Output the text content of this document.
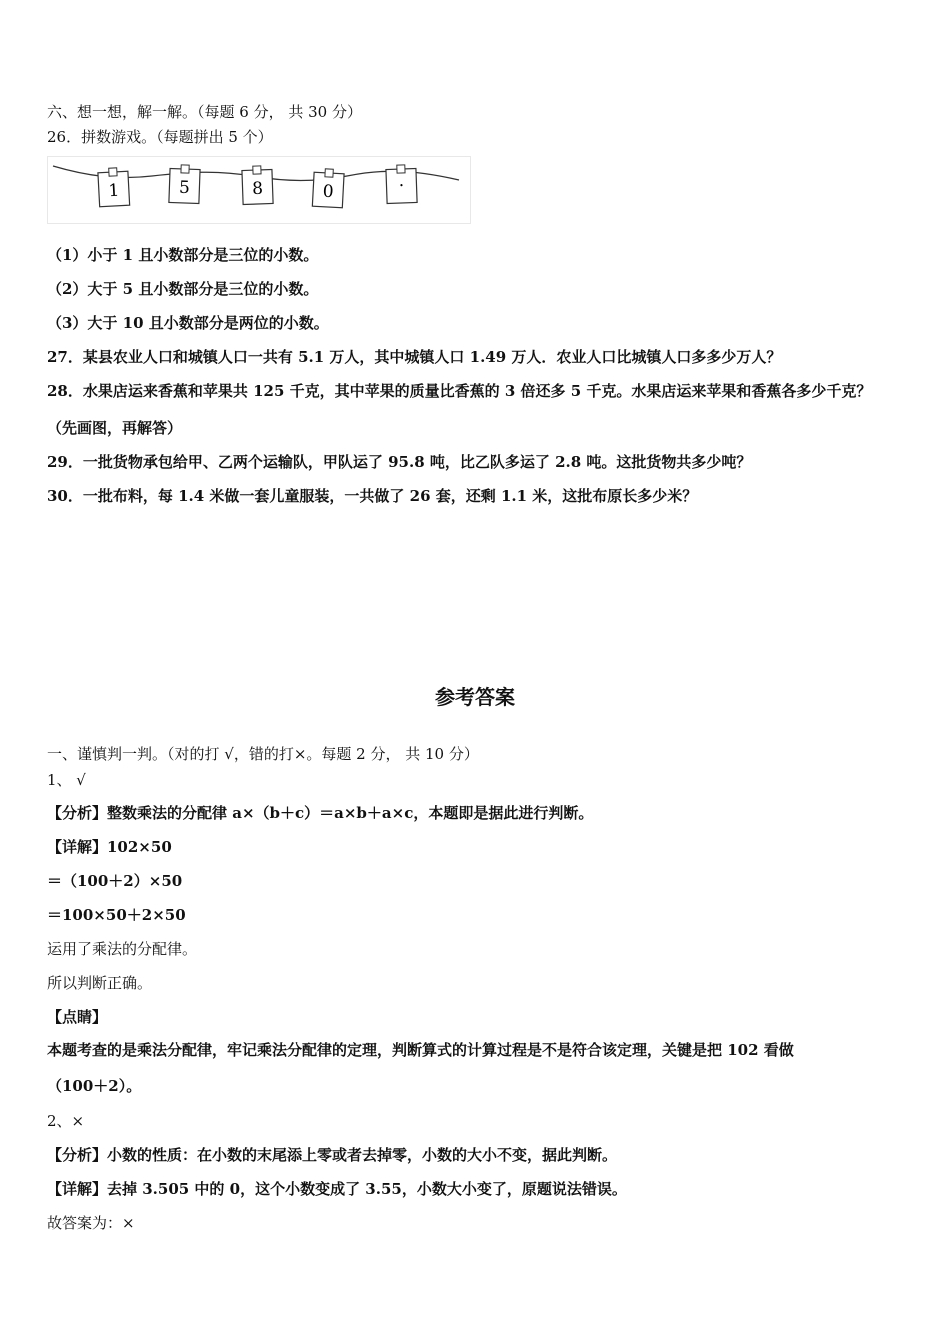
六、想一想，解一解。（每题 6 分， 共 30 分）
26．拼数游戏。（每题拼出 5 个）
1	5	8	0	·
（1）小于 1 且小数部分是三位的小数。
（2）大于 5 且小数部分是三位的小数。
（3）大于 10 且小数部分是两位的小数。
27．某县农业人口和城镇人口一共有 5.1 万人，其中城镇人口 1.49 万人．农业人口比城镇人口多多少万人？
28．水果店运来香蕉和苹果共 125 千克，其中苹果的质量比香蕉的 3 倍还多 5 千克。水果店运来苹果和香蕉各多少千克？
（先画图，再解答）
29．一批货物承包给甲、乙两个运输队，甲队运了 95.8 吨，比乙队多运了 2.8 吨。这批货物共多少吨？
30．一批布料，每 1.4 米做一套儿童服装，一共做了 26 套，还剩 1.1 米，这批布原长多少米？
参考答案
一、谨慎判一判。（对的打 √，错的打×。每题 2 分， 共 10 分）
1、 √
【分析】整数乘法的分配律 a×（b＋c）＝a×b＋a×c，本题即是据此进行判断。
【详解】102×50
＝（100＋2）×50
＝100×50＋2×50
运用了乘法的分配律。
所以判断正确。
【点睛】
本题考查的是乘法分配律，牢记乘法分配律的定理，判断算式的计算过程是不是符合该定理，关键是把 102 看做
（100＋2）。
2、×
【分析】小数的性质：在小数的末尾添上零或者去掉零，小数的大小不变，据此判断。
【详解】去掉 3.505 中的 0，这个小数变成了 3.55，小数大小变了，原题说法错误。
故答案为：×
